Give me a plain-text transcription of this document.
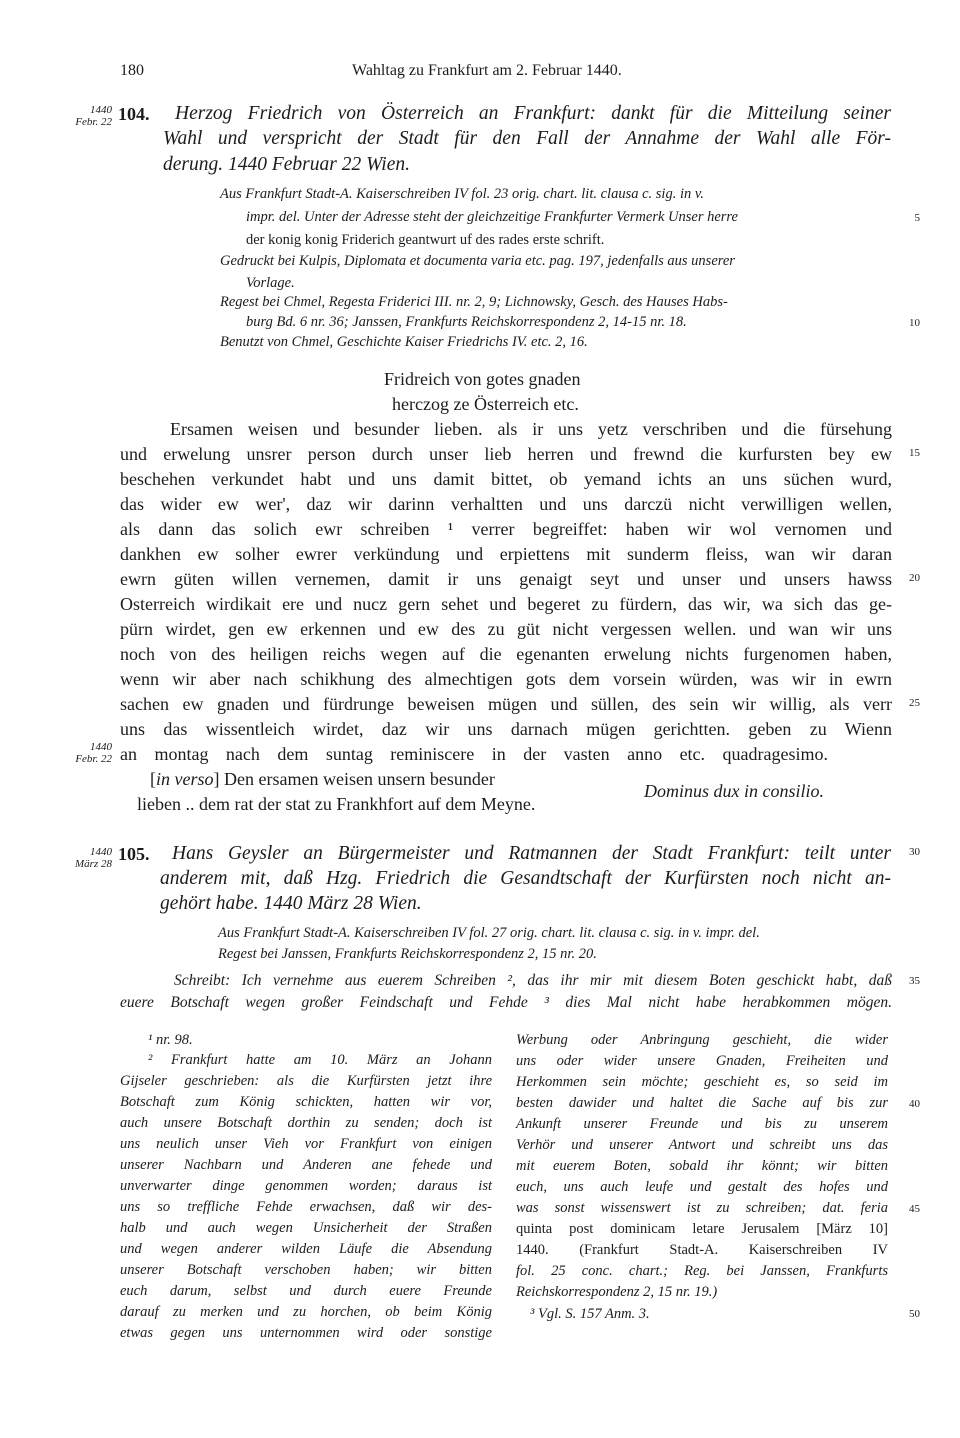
180	Wahltag zu Frankfurt am 2. Februar 1440.
1440
Febr. 22 104. Herzog Friedrich von Österreich an Frankfurt: dankt für die Mitteilung seiner
Wahl und verspricht der Stadt für den Fall der Annahme der Wahl alle För-
derung. 1440 Februar 22 Wien.
Aus Frankfurt Stadt-A. Kaiserschreiben IV fol. 23 orig. chart. lit. clausa c. sig. in v.
impr. del. Unter der Adresse steht der gleichzeitige Frankfurter Vermerk Unser herre
der konig konig Friderich geantwurt uf des rades erste schrift.
Gedruckt bei Kulpis, Diplomata et documenta varia etc. pag. 197, jedenfalls aus unserer
Vorlage.
Regest bei Chmel, Regesta Friderici III. nr. 2, 9; Lichnowsky, Gesch. des Hauses Habs-
burg Bd. 6 nr. 36; Janssen, Frankfurts Reichskorrespondenz 2, 14-15 nr. 18.
Benutzt von Chmel, Geschichte Kaiser Friedrichs IV. etc. 2, 16.
Fridreich von gotes gnaden
herczog ze Österreich etc.
Ersamen weisen und besunder lieben. als ir uns yetz verschriben und die fürsehung
und erwelung unsrer person durch unser lieb herren und frewnd die kurfursten bey ew
beschehen verkundet habt und uns damit bittet, ob yemand ichts an uns süchen wurd,
das wider ew wer', daz wir darinn verhaltten und uns darczü nicht verwilligen wellen,
als dann das solich ewr schreiben ¹ verrer begreiffet: haben wir wol vernomen und
dankhen ew solher ewrer verkündung und erpiettens mit sunderm fleiss, wan wir daran
ewrn güten willen vernemen, damit ir uns genaigt seyt und unser und unsers hawss
Osterreich wirdikait ere und nucz gern sehet und begeret zu fürdern, das wir, wa sich das ge-
pürn wirdet, gen ew erkennen und ew des zu güt nicht vergessen wellen. und wan wir uns
noch von des heiligen reichs wegen auf die egenanten erwelung nichts furgenomen haben,
wenn wir aber nach schikhung des almechtigen gots dem vorsein würden, was wir in ewrn
sachen ew gnaden und fürdrunge beweisen mügen und süllen, des sein wir willig, als verr
uns das wissentleich wirdet, daz wir uns darnach mügen gerichtten. geben zu Wienn
an montag nach dem suntag reminiscere in der vasten anno etc. quadragesimo.
1440
Febr. 22
[in verso] Den ersamen weisen unsern besunder
lieben .. dem rat der stat zu Frankhfort auf dem Meyne.
Dominus dux in consilio.
1440
März 28 105. Hans Geysler an Bürgermeister und Ratmannen der Stadt Frankfurt: teilt unter
anderem mit, daß Hzg. Friedrich die Gesandtschaft der Kurfürsten noch nicht an-
gehört habe. 1440 März 28 Wien.
Aus Frankfurt Stadt-A. Kaiserschreiben IV fol. 27 orig. chart. lit. clausa c. sig. in v. impr. del.
Regest bei Janssen, Frankfurts Reichskorrespondenz 2, 15 nr. 20.
Schreibt: Ich vernehme aus euerem Schreiben ², das ihr mir mit diesem Boten geschickt habt, daß
euere Botschaft wegen großer Feindschaft und Fehde ³ dies Mal nicht habe herabkommen mögen.
¹ nr. 98.
² Frankfurt hatte am 10. März an Johann
Gijseler geschrieben: als die Kurfürsten jetzt ihre
Botschaft zum König schickten, hatten wir vor,
auch unsere Botschaft dorthin zu senden; doch ist
uns neulich unser Vieh vor Frankfurt von einigen
unserer Nachbarn und Anderen ane fehede und
unverwarter dinge genommen worden; daraus ist
uns so treffliche Fehde erwachsen, daß wir des-
halb und auch wegen Unsicherheit der Straßen
und wegen anderer wilden Läufe die Absendung
unserer Botschaft verschoben haben; wir bitten
euch darum, selbst und durch euere Freunde
darauf zu merken und zu horchen, ob beim König
etwas gegen uns unternommen wird oder sonstige
Werbung oder Anbringung geschieht, die wider
uns oder wider unsere Gnaden, Freiheiten und
Herkommen sein möchte; geschieht es, so seid im
besten dawider und haltet die Sache auf bis zur
Ankunft unserer Freunde und bis zu unserem
Verhör und unserer Antwort und schreibt uns das
mit euerem Boten, sobald ihr könnt; wir bitten
euch, uns auch leufe und gestalt des hofes und
was sonst wissenswert ist zu schreiben; dat. feria
quinta post dominicam letare Jerusalem [März 10]
1440. (Frankfurt Stadt-A. Kaiserschreiben IV
fol. 25 conc. chart.; Reg. bei Janssen, Frankfurts
Reichskorrespondenz 2, 15 nr. 19.)
³ Vgl. S. 157 Anm. 3.
5
10
15
20
25
30
35
40
45
50
